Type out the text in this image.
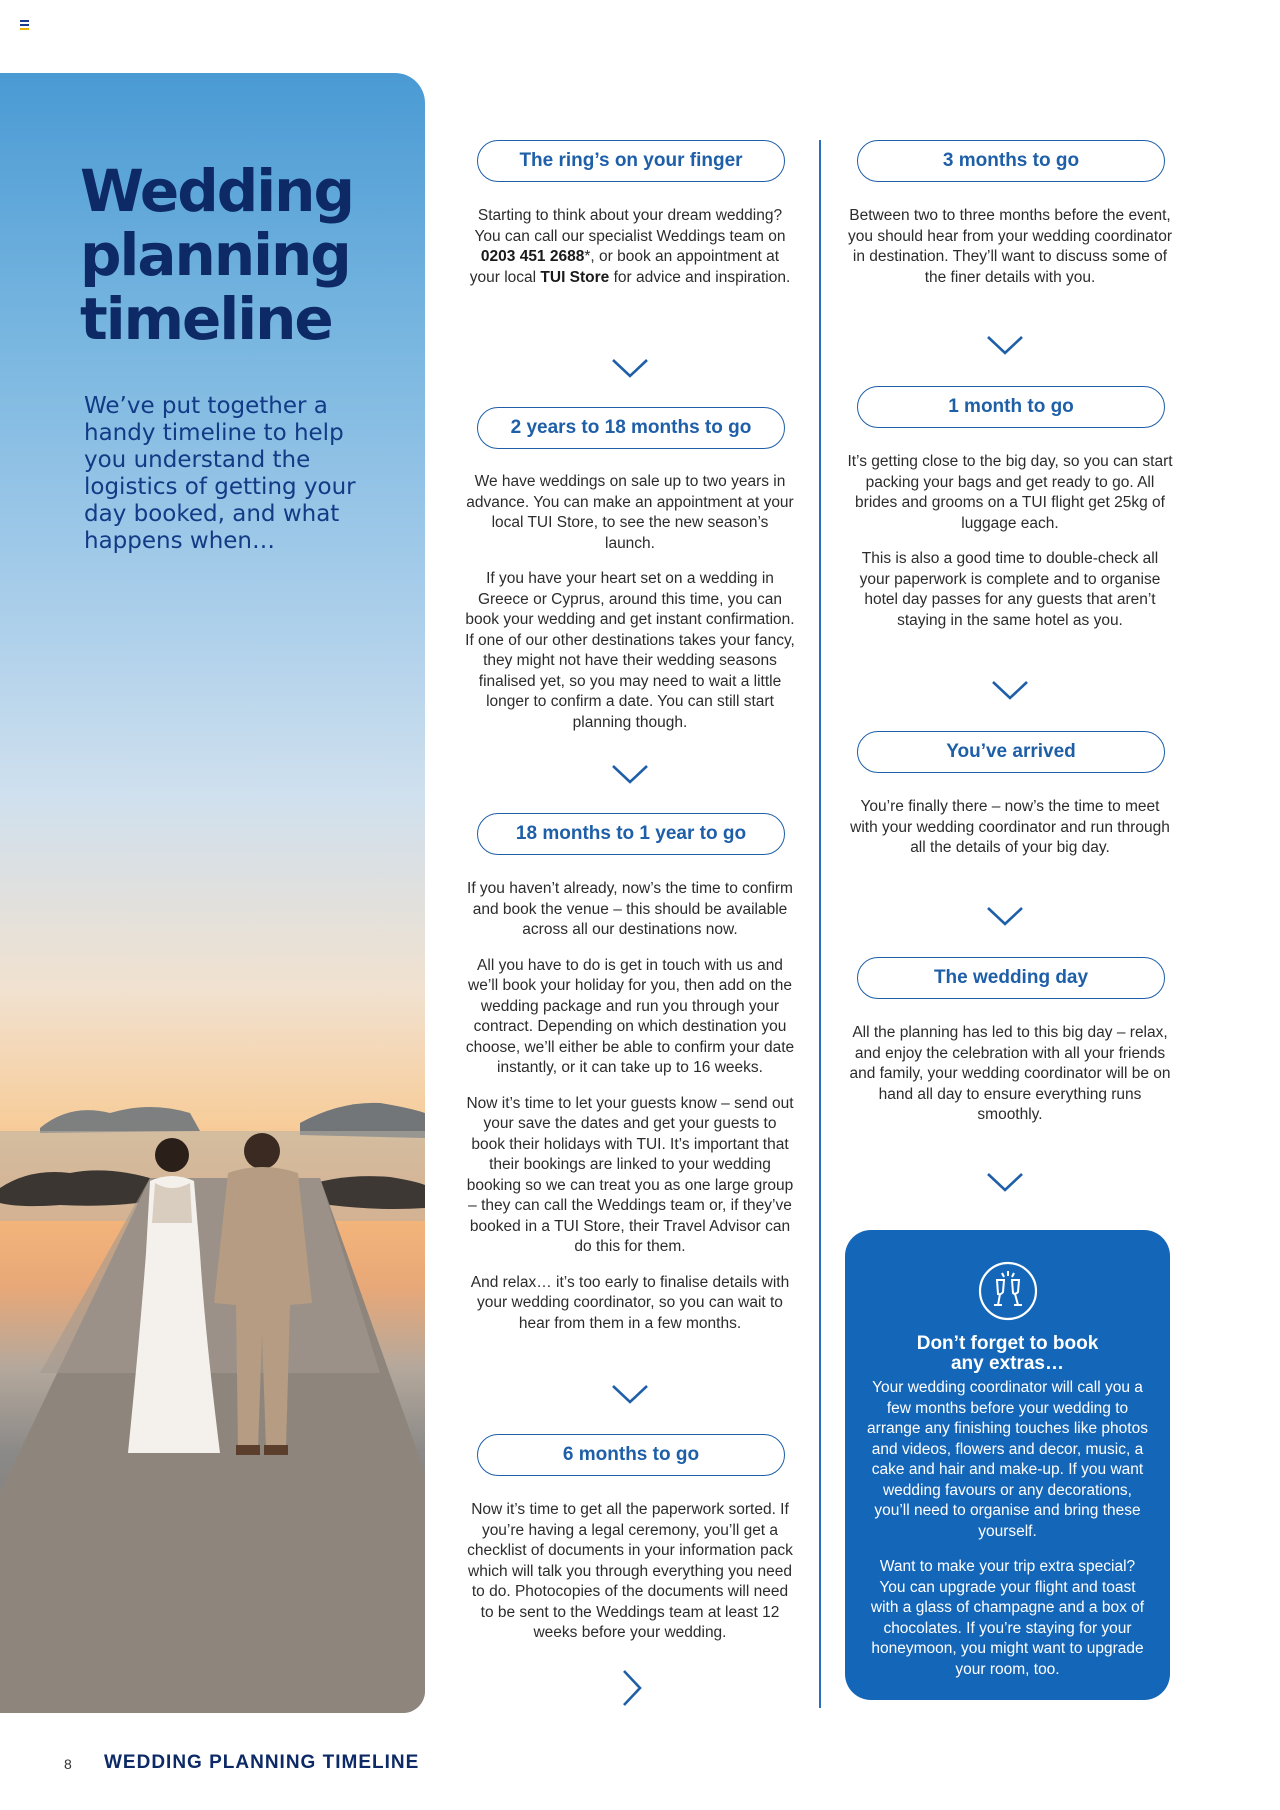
Wedding
planning
timeline
We’ve put together a handy timeline to help you understand the logistics of getting your day booked, and what happens when…
The ring’s on your finger

Starting to think about your dream wedding? You can call our specialist Weddings team on 0203 451 2688*, or book an appointment at your local TUI Store for advice and inspiration.

2 years to 18 months to go

We have weddings on sale up to two years in advance. You can make an appointment at your local TUI Store, to see the new season’s launch.

If you have your heart set on a wedding in Greece or Cyprus, around this time, you can book your wedding and get instant confirmation. If one of our other destinations takes your fancy, they might not have their wedding seasons finalised yet, so you may need to wait a little longer to confirm a date. You can still start planning though.

18 months to 1 year to go

If you haven’t already, now’s the time to confirm and book the venue – this should be available across all our destinations now.

All you have to do is get in touch with us and we’ll book your holiday for you, then add on the wedding package and run you through your contract. Depending on which destination you choose, we’ll either be able to confirm your date instantly, or it can take up to 16 weeks.

Now it’s time to let your guests know – send out your save the dates and get your guests to book their holidays with TUI. It’s important that their bookings are linked to your wedding booking so we can treat you as one large group – they can call the Weddings team or, if they’ve booked in a TUI Store, their Travel Advisor can do this for them.

And relax… it’s too early to finalise details with your wedding coordinator, so you can wait to hear from them in a few months.

6 months to go

Now it’s time to get all the paperwork sorted. If you’re having a legal ceremony, you’ll get a checklist of documents in your information pack which will talk you through everything you need to do. Photocopies of the documents will need to be sent to the Weddings team at least 12 weeks before your wedding.

3 months to go

Between two to three months before the event, you should hear from your wedding coordinator in destination. They’ll want to discuss some of the finer details with you.

1 month to go

It’s getting close to the big day, so you can start packing your bags and get ready to go. All brides and grooms on a TUI flight get 25kg of luggage each.

This is also a good time to double-check all your paperwork is complete and to organise hotel day passes for any guests that aren’t staying in the same hotel as you.

You’ve arrived

You’re finally there – now’s the time to meet with your wedding coordinator and run through all the details of your big day.

The wedding day

All the planning has led to this big day – relax, and enjoy the celebration with all your friends and family, your wedding coordinator will be on hand all day to ensure everything runs smoothly.

Don’t forget to book
any extras…

Your wedding coordinator will call you a few months before your wedding to arrange any finishing touches like photos and videos, flowers and decor, music, a cake and hair and make-up. If you want wedding favours or any decorations, you’ll need to organise and bring these yourself.

Want to make your trip extra special? You can upgrade your flight and toast with a glass of champagne and a box of chocolates. If you’re staying for your honeymoon, you might want to upgrade your room, too.

8 WEDDING PLANNING TIMELINE
